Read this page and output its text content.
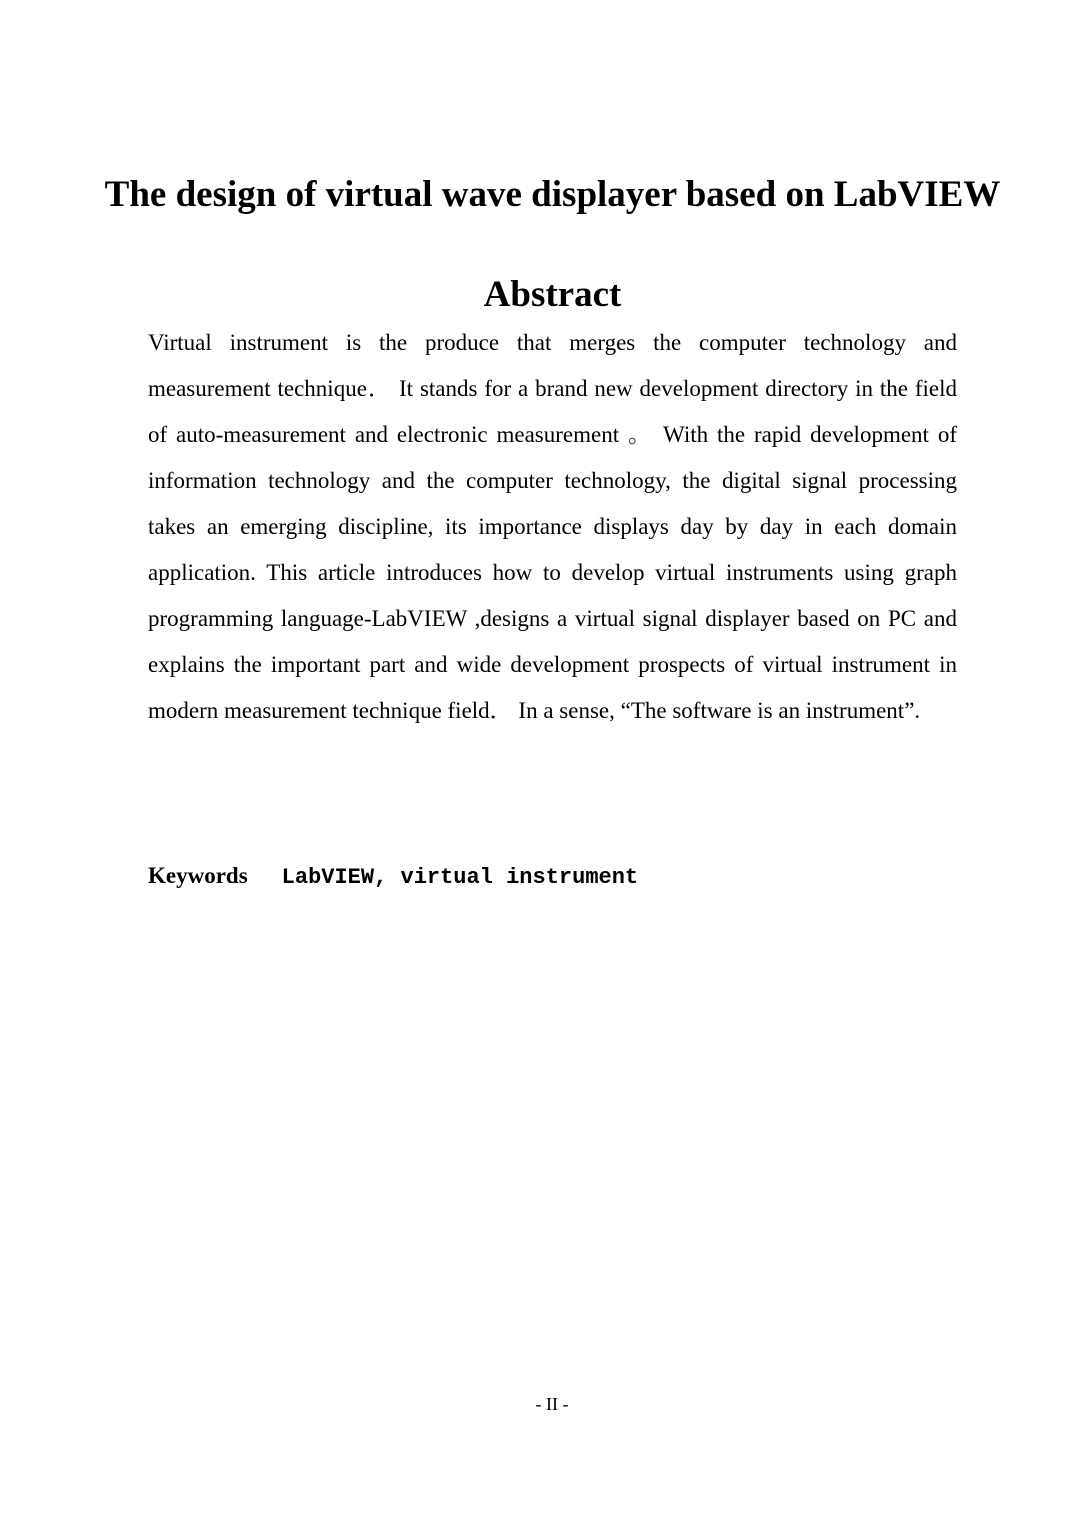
The design of virtual wave displayer based on LabVIEW
Abstract

Virtual instrument is the produce that merges the computer technology and measurement technique． It stands for a brand new development directory in the field of auto-measurement and electronic measurement 。 With the rapid development of information technology and the computer technology, the digital signal processing takes an emerging discipline, its importance displays day by day in each domain application. This article introduces how to develop virtual instruments using graph programming language-LabVIEW ,designs a virtual signal displayer based on PC and explains the important part and wide development prospects of virtual instrument in modern measurement technique field． In a sense, “The software is an instrument”.

Keywords LabVIEW, virtual instrument
- II -
